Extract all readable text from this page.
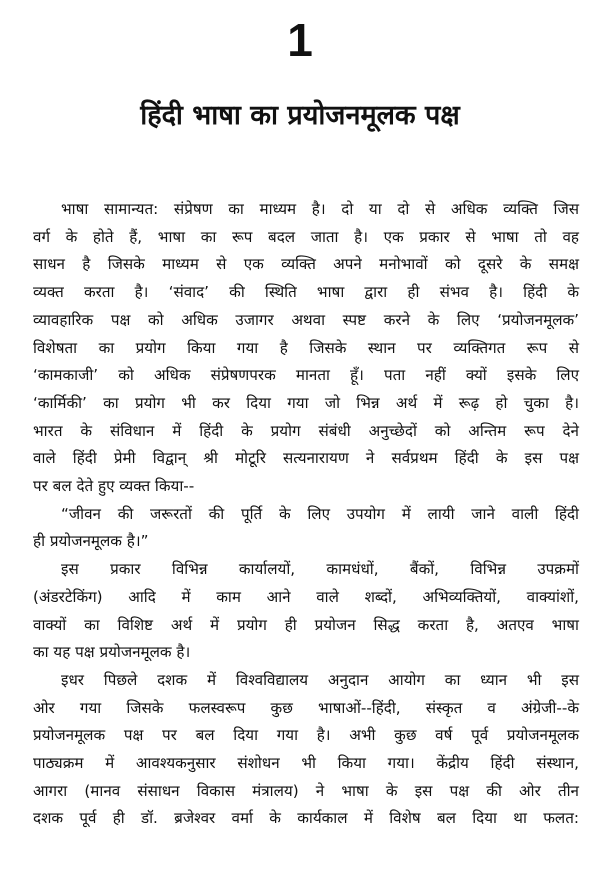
1
हिंदी भाषा का प्रयोजनमूलक पक्ष
भाषा सामान्यत: संप्रेषण का माध्यम है। दो या दो से अधिक व्यक्ति जिस
वर्ग के होते हैं, भाषा का रूप बदल जाता है। एक प्रकार से भाषा तो वह
साधन है जिसके माध्यम से एक व्यक्ति अपने मनोभावों को दूसरे के समक्ष
व्यक्त करता है। ‘संवाद’ की स्थिति भाषा द्वारा ही संभव है। हिंदी के
व्यावहारिक पक्ष को अधिक उजागर अथवा स्पष्ट करने के लिए ‘प्रयोजनमूलक’
विशेषता का प्रयोग किया गया है जिसके स्थान पर व्यक्तिगत रूप से
‘कामकाजी’ को अधिक संप्रेषणपरक मानता हूँ। पता नहीं क्यों इसके लिए
‘कार्मिकी’ का प्रयोग भी कर दिया गया जो भिन्न अर्थ में रूढ़ हो चुका है।
भारत के संविधान में हिंदी के प्रयोग संबंधी अनुच्छेदों को अन्तिम रूप देने
वाले हिंदी प्रेमी विद्वान् श्री मोटूरि सत्यनारायण ने सर्वप्रथम हिंदी के इस पक्ष
पर बल देते हुए व्यक्त किया--
“जीवन की जरूरतों की पूर्ति के लिए उपयोग में लायी जाने वाली हिंदी
ही प्रयोजनमूलक है।”
इस प्रकार विभिन्न कार्यालयों, कामधंधों, बैंकों, विभिन्न उपक्रमों
(अंडरटेकिंग) आदि में काम आने वाले शब्दों, अभिव्यक्तियों, वाक्यांशों,
वाक्यों का विशिष्ट अर्थ में प्रयोग ही प्रयोजन सिद्ध करता है, अतएव भाषा
का यह पक्ष प्रयोजनमूलक है।
इधर पिछले दशक में विश्वविद्यालय अनुदान आयोग का ध्यान भी इस
ओर गया जिसके फलस्वरूप कुछ भाषाओं--हिंदी, संस्कृत व अंग्रेजी--के
प्रयोजनमूलक पक्ष पर बल दिया गया है। अभी कुछ वर्ष पूर्व प्रयोजनमूलक
पाठ्यक्रम में आवश्यकनुसार संशोधन भी किया गया। केंद्रीय हिंदी संस्थान,
आगरा (मानव संसाधन विकास मंत्रालय) ने भाषा के इस पक्ष की ओर तीन
दशक पूर्व ही डॉ. ब्रजेश्वर वर्मा के कार्यकाल में विशेष बल दिया था फलत:
